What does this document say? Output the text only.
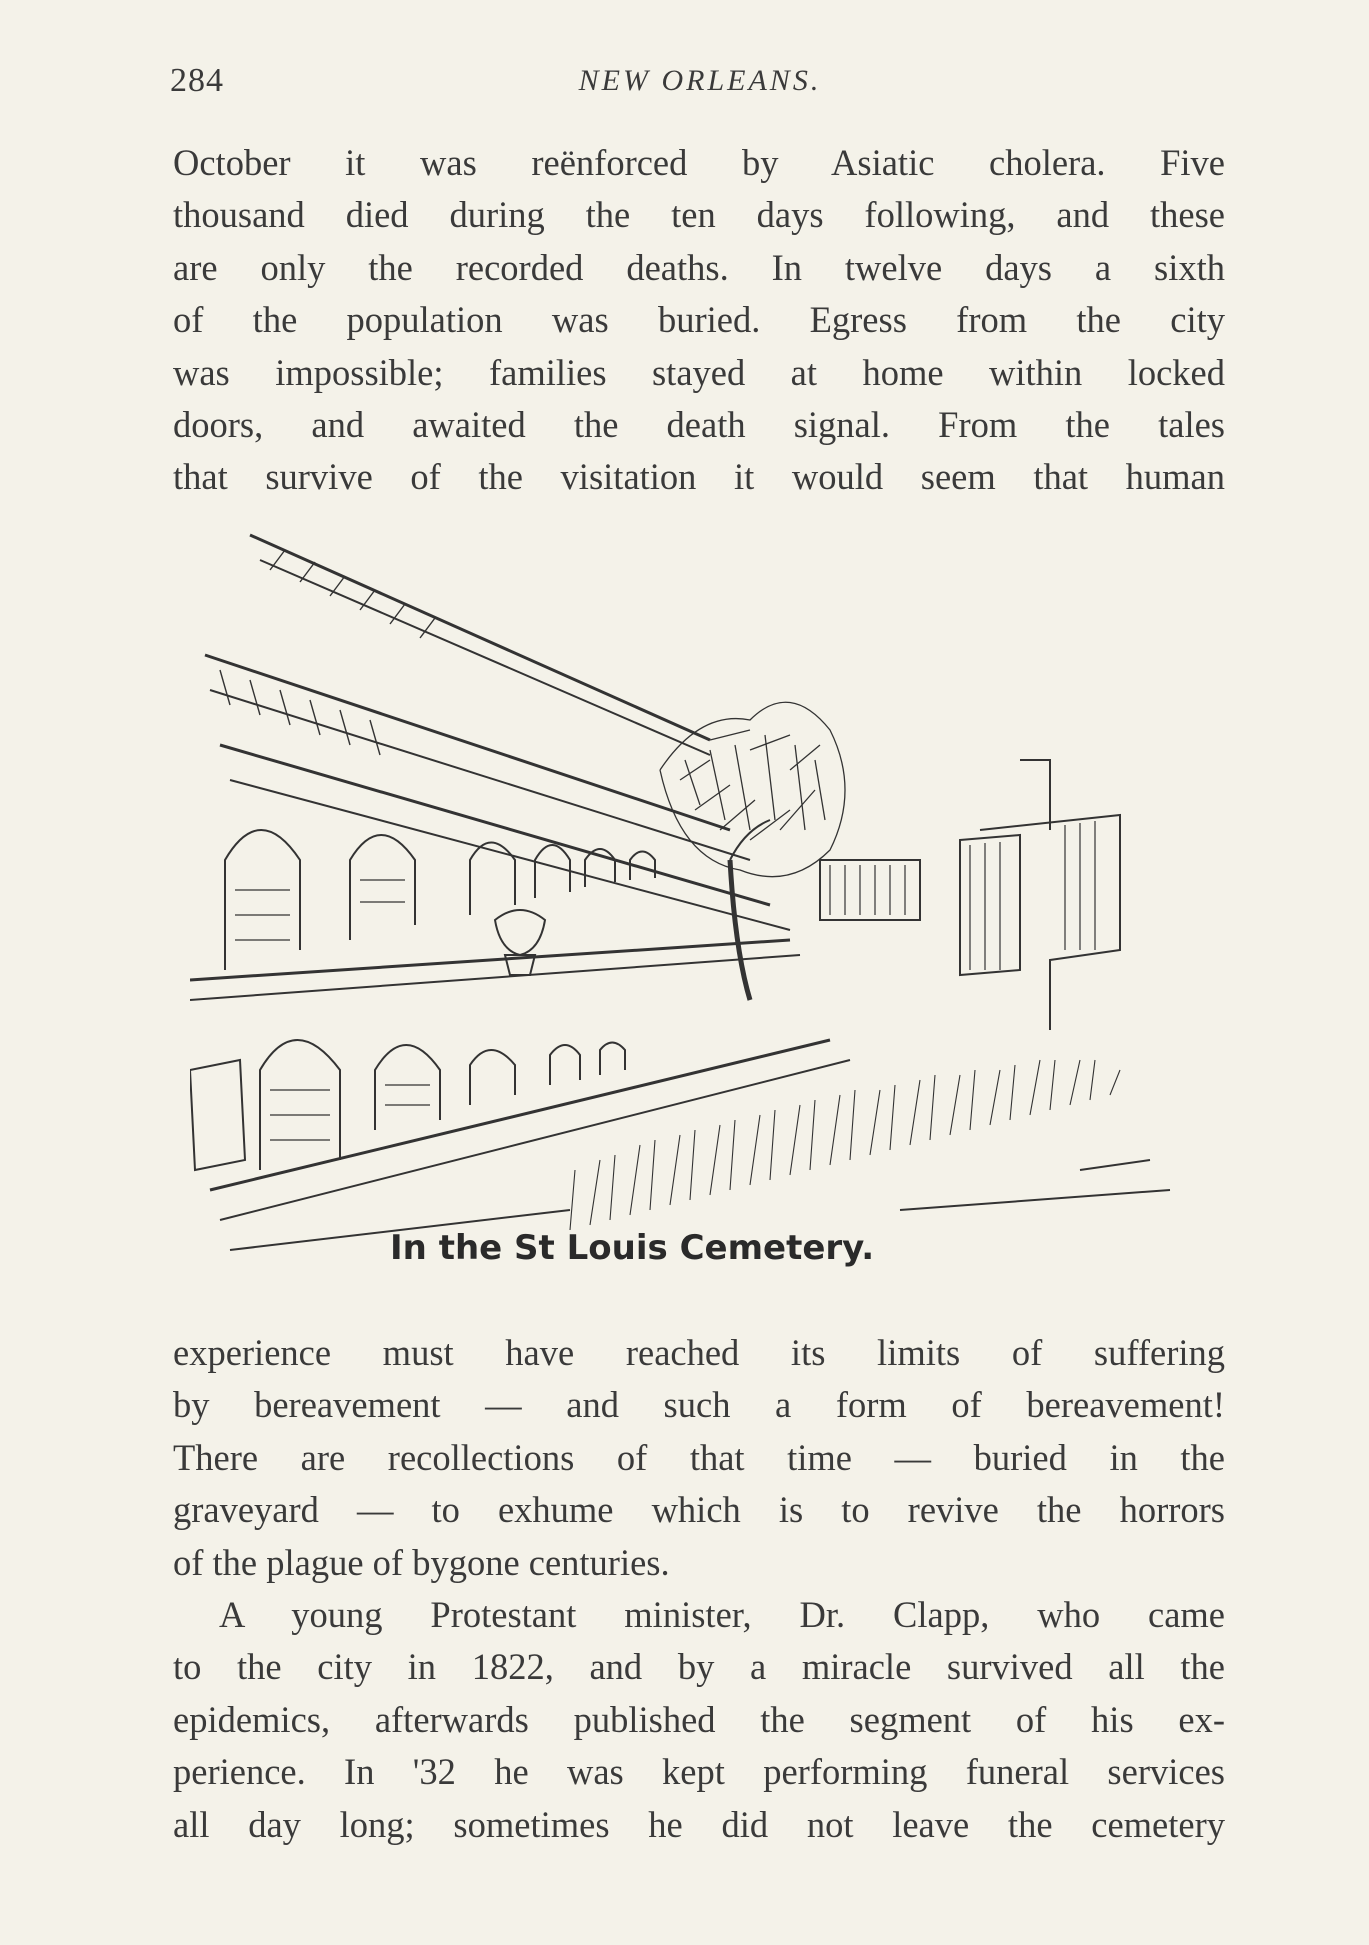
284	NEW ORLEANS.
October it was reënforced by Asiatic cholera. Five
thousand died during the ten days following, and these
are only the recorded deaths. In twelve days a sixth
of the population was buried. Egress from the city
was impossible; families stayed at home within locked
doors, and awaited the death signal. From the tales
that survive of the visitation it would seem that human
In the St Louis Cemetery.
experience must have reached its limits of suffering
by bereavement — and such a form of bereavement!
There are recollections of that time — buried in the
graveyard — to exhume which is to revive the horrors
of the plague of bygone centuries.
A young Protestant minister, Dr. Clapp, who came
to the city in 1822, and by a miracle survived all the
epidemics, afterwards published the segment of his ex-
perience. In '32 he was kept performing funeral services
all day long; sometimes he did not leave the cemetery
